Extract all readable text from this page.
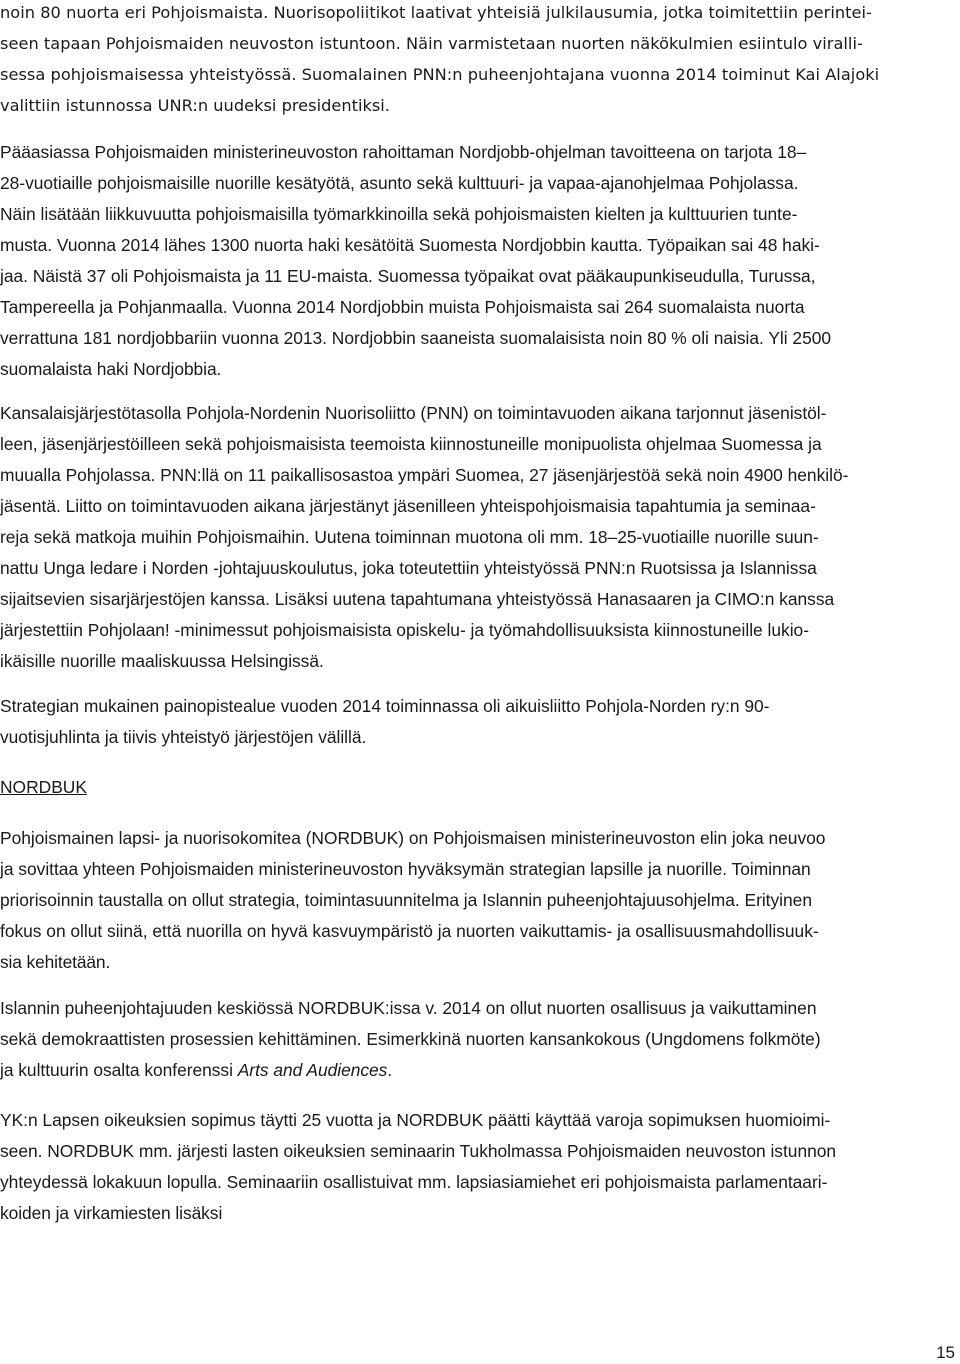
noin 80 nuorta eri Pohjoismaista. Nuorisopoliitikot laativat yhteisiä julkilausumia, jotka toimitettiin perintei-
seen tapaan Pohjoismaiden neuvoston istuntoon. Näin varmistetaan nuorten näkökulmien esiintulo viralli-
sessa pohjoismaisessa yhteistyössä. Suomalainen PNN:n puheenjohtajana vuonna 2014 toiminut Kai Alajoki
valittiin istunnossa UNR:n uudeksi presidentiksi.
Pääasiassa Pohjoismaiden ministerineuvoston rahoittaman Nordjobb-ohjelman tavoitteena on tarjota 18–
28-vuotiaille pohjoismaisille nuorille kesätyötä, asunto sekä kulttuuri- ja vapaa-ajanohjelmaa Pohjolassa.
Näin lisätään liikkuvuutta pohjoismaisilla työmarkkinoilla sekä pohjoismaisten kielten ja kulttuurien tunte-
musta. Vuonna 2014 lähes 1300 nuorta haki kesätöitä Suomesta Nordjobbin kautta. Työpaikan sai 48 haki-
jaa. Näistä 37 oli Pohjoismaista ja 11 EU-maista. Suomessa työpaikat ovat pääkaupunkiseudulla, Turussa,
Tampereella ja Pohjanmaalla. Vuonna 2014 Nordjobbin muista Pohjoismaista sai 264 suomalaista nuorta
verrattuna 181 nordjobbariin vuonna 2013. Nordjobbin saaneista suomalaisista noin 80 % oli naisia. Yli 2500
suomalaista haki Nordjobbia.
Kansalaisjärjestötasolla Pohjola-Nordenin Nuorisoliitto (PNN) on toimintavuoden aikana tarjonnut jäsenistöl-
leen, jäsenjärjestöilleen sekä pohjoismaisista teemoista kiinnostuneille monipuolista ohjelmaa Suomessa ja
muualla Pohjolassa. PNN:llä on 11 paikallisosastoa ympäri Suomea, 27 jäsenjärjestöä sekä noin 4900 henkilö-
jäsentä. Liitto on toimintavuoden aikana järjestänyt jäsenilleen yhteispohjoismaisia tapahtumia ja seminaa-
reja sekä matkoja muihin Pohjoismaihin. Uutena toiminnan muotona oli mm. 18–25-vuotiaille nuorille suun-
nattu Unga ledare i Norden -johtajuuskoulutus, joka toteutettiin yhteistyössä PNN:n Ruotsissa ja Islannissa
sijaitsevien sisarjärjestöjen kanssa. Lisäksi uutena tapahtumana yhteistyössä Hanasaaren ja CIMO:n kanssa
järjestettiin Pohjolaan! -minimessut pohjoismaisista opiskelu- ja työmahdollisuuksista kiinnostuneille lukio-
ikäisille nuorille maaliskuussa Helsingissä.
Strategian mukainen painopistealue vuoden 2014 toiminnassa oli aikuisliitto Pohjola-Norden ry:n 90-
vuotisjuhlinta ja tiivis yhteistyö järjestöjen välillä.
NORDBUK
Pohjoismainen lapsi- ja nuorisokomitea (NORDBUK) on Pohjoismaisen ministerineuvoston elin joka neuvoo
ja sovittaa yhteen Pohjoismaiden ministerineuvoston hyväksymän strategian lapsille ja nuorille. Toiminnan
priorisoinnin taustalla on ollut strategia, toimintasuunnitelma ja Islannin puheenjohtajuusohjelma. Erityinen
fokus on ollut siinä, että nuorilla on hyvä kasvuympäristö ja nuorten vaikuttamis- ja osallisuusmahdollisuuk-
sia kehitetään.
Islannin puheenjohtajuuden keskiössä NORDBUK:issa v. 2014 on ollut nuorten osallisuus ja vaikuttaminen
sekä demokraattisten prosessien kehittäminen. Esimerkkinä nuorten kansankokous (Ungdomens folkmöte)
ja kulttuurin osalta konferenssi Arts and Audiences.
YK:n Lapsen oikeuksien sopimus täytti 25 vuotta ja NORDBUK päätti käyttää varoja sopimuksen huomioimi-
seen. NORDBUK mm. järjesti lasten oikeuksien seminaarin Tukholmassa Pohjoismaiden neuvoston istunnon
yhteydessä lokakuun lopulla. Seminaariin osallistuivat mm. lapsiasiamiehet eri pohjoismaista parlamentaari-
koiden ja virkamiesten lisäksi
15
